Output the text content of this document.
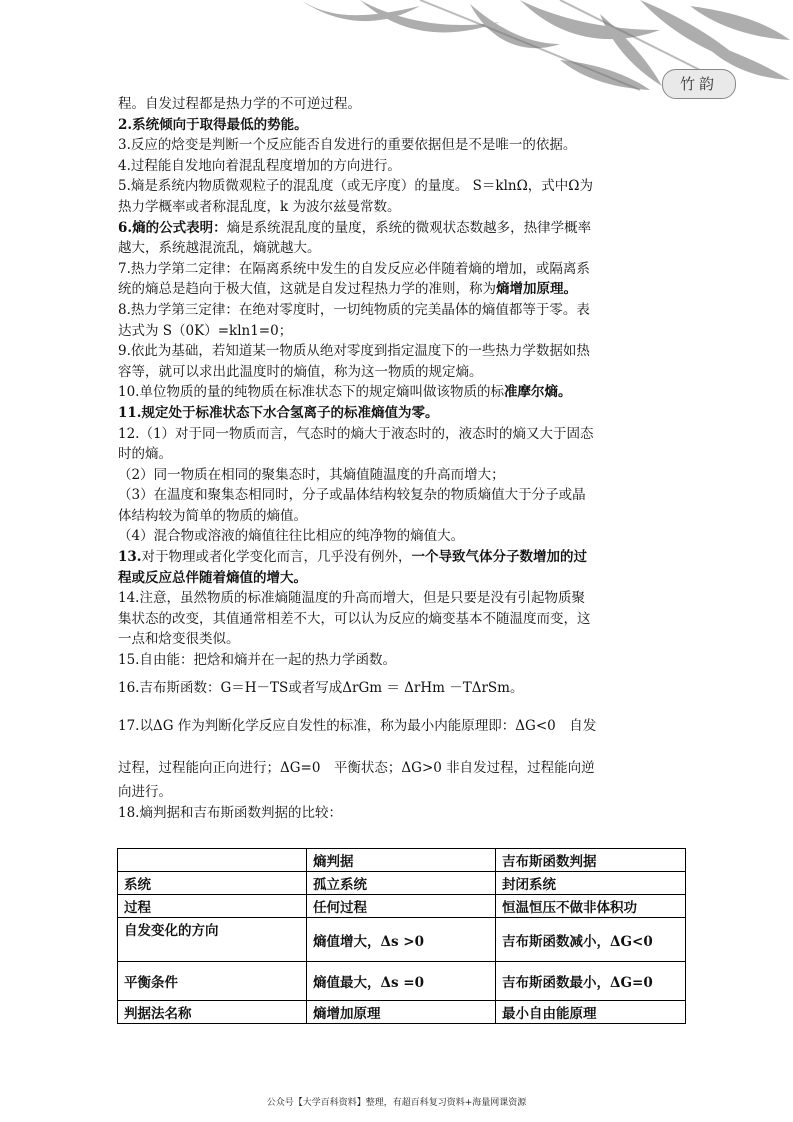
竹韵

程。自发过程都是热力学的不可逆过程。

2.系统倾向于取得最低的势能。

3.反应的焓变是判断一个反应能否自发进行的重要依据但是不是唯一的依据。

4.过程能自发地向着混乱程度增加的方向进行。

5.熵是系统内物质微观粒子的混乱度（或无序度）的量度。 S＝klnΩ，式中Ω为

热力学概率或者称混乱度，k 为波尔兹曼常数。

6.熵的公式表明：熵是系统混乱度的量度，系统的微观状态数越多，热律学概率

越大，系统越混流乱，熵就越大。

7.热力学第二定律：在隔离系统中发生的自发反应必伴随着熵的增加，或隔离系

统的熵总是趋向于极大值，这就是自发过程热力学的准则，称为熵增加原理。

8.热力学第三定律：在绝对零度时，一切纯物质的完美晶体的熵值都等于零。表

达式为 S（0K）=kln1=0；

9.依此为基础，若知道某一物质从绝对零度到指定温度下的一些热力学数据如热

容等，就可以求出此温度时的熵值，称为这一物质的规定熵。

10.单位物质的量的纯物质在标准状态下的规定熵叫做该物质的标准摩尔熵。

11.规定处于标准状态下水合氢离子的标准熵值为零。

12.（1）对于同一物质而言，气态时的熵大于液态时的，液态时的熵又大于固态

时的熵。

（2）同一物质在相同的聚集态时，其熵值随温度的升高而增大；

（3）在温度和聚集态相同时，分子或晶体结构较复杂的物质熵值大于分子或晶

体结构较为简单的物质的熵值。

（4）混合物或溶液的熵值往往比相应的纯净物的熵值大。

13.对于物理或者化学变化而言，几乎没有例外，一个导致气体分子数增加的过

程或反应总伴随着熵值的增大。

14.注意，虽然物质的标准熵随温度的升高而增大，但是只要是没有引起物质聚

集状态的改变，其值通常相差不大，可以认为反应的熵变基本不随温度而变，这

一点和焓变很类似。

15.自由能：把焓和熵并在一起的热力学函数。

16.吉布斯函数：G＝H－TS或者写成ΔrGm ＝ ΔrHm －TΔrSm。

17.以ΔG 作为判断化学反应自发性的标准，称为最小内能原理即：ΔG<0　自发

过程，过程能向正向进行；ΔG=0　平衡状态；ΔG>0 非自发过程，过程能向逆

向进行。

18.熵判据和吉布斯函数判据的比较：

	熵判据	吉布斯函数判据
系统	孤立系统	封闭系统
过程	任何过程	恒温恒压不做非体积功
自发变化的方向	熵值增大，Δs >0	吉布斯函数减小，ΔG<0
平衡条件	熵值最大，Δs =0	吉布斯函数最小，ΔG=0
判据法名称	熵增加原理	最小自由能原理
公众号【大学百科资料】整理，有超百科复习资料+海量网课资源
